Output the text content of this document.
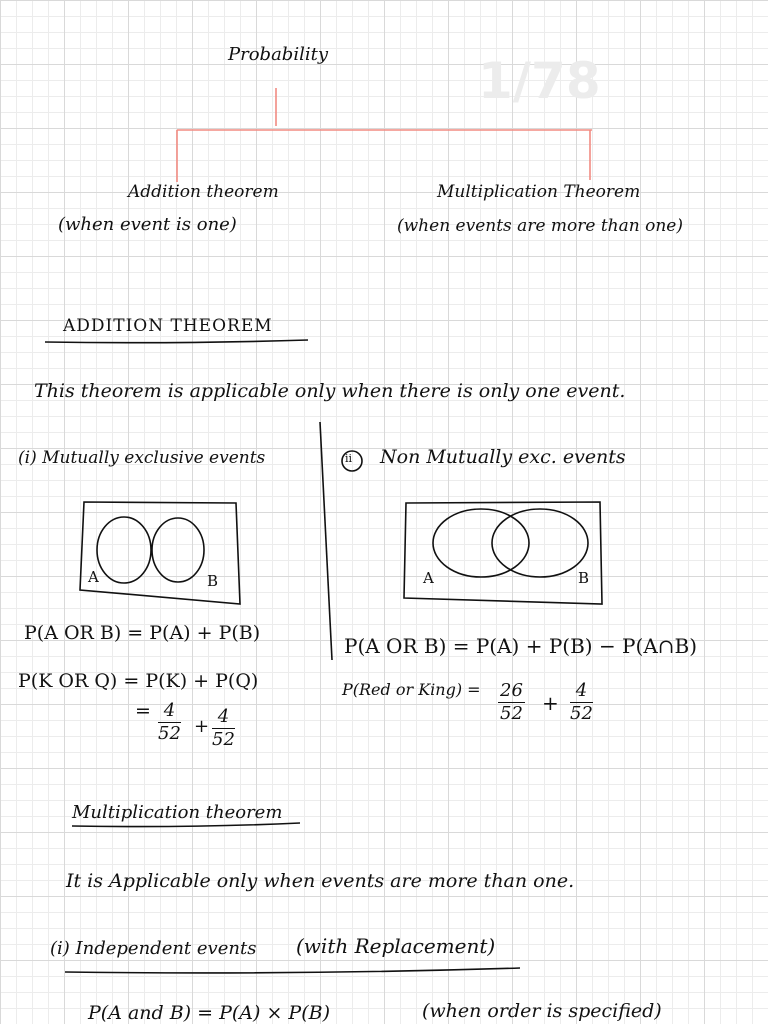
1/78
Probability
Addition theorem
(when event is one)
Multiplication Theorem
(when events are more than one)
ADDITION THEOREM
This theorem is applicable only when there is only one event.
(i) Mutually exclusive events
A	B
ii Non Mutually exc. events
A	B
P(A OR B) = P(A) + P(B)
P(K OR Q) = P(K) + P(Q)
= $\frac{4}{52} + \frac{4}{52}$
P(A OR B) = P(A) + P(B) − P(A∩B)
P(Red or King) = $\frac{26}{52} + \frac{4}{52}$
Multiplication theorem
It is Applicable only when events are more than one.
(i) Independent events (with Replacement)
P(A and B) = P(A) × P(B)	(when order is specified)
